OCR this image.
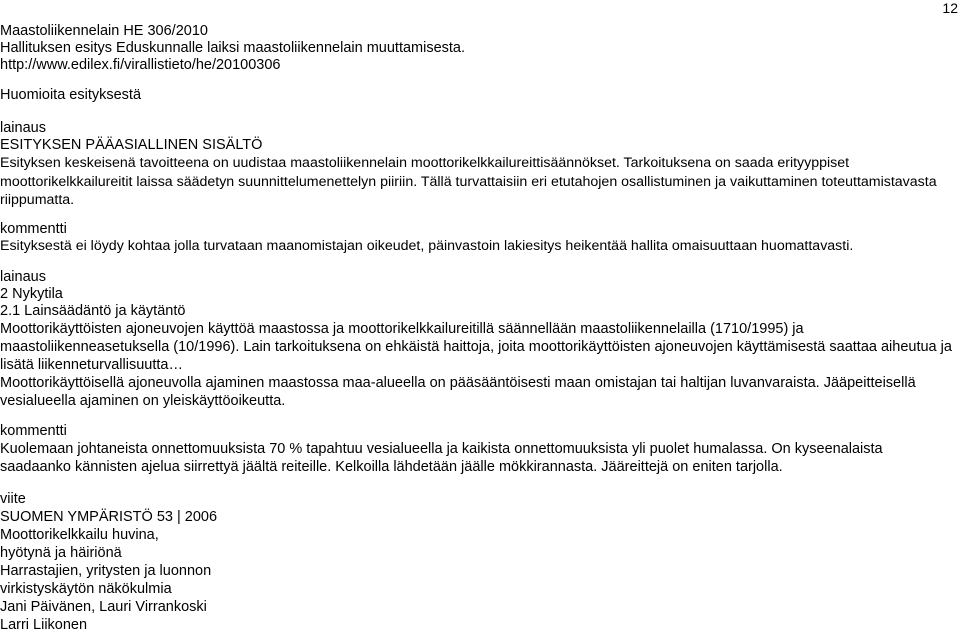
12
Maastoliikennelain HE 306/2010
Hallituksen esitys Eduskunnalle laiksi maastoliikennelain muuttamisesta.
http://www.edilex.fi/virallistieto/he/20100306
Huomioita esityksestä
lainaus
ESITYKSEN PÄÄASIALLINEN SISÄLTÖ
Esityksen keskeisenä tavoitteena on uudistaa maastoliikennelain moottorikelkkailureittisäännökset. Tarkoituksena on saada erityyppiset moottorikelkkailureitit laissa säädetyn suunnittelumenettelyn piiriin. Tällä turvattaisiin eri etutahojen osallistuminen ja vaikuttaminen toteuttamistavasta riippumatta.
kommentti
Esityksestä ei löydy kohtaa jolla turvataan maanomistajan oikeudet, päinvastoin lakiesitys heikentää hallita omaisuuttaan huomattavasti.
lainaus
2 Nykytila
2.1 Lainsäädäntö ja käytäntö
Moottorikäyttöisten ajoneuvojen käyttöä maastossa ja moottorikelkkailureitillä säännellään maastoliikennelailla (1710/1995) ja maastoliikenneasetuksella (10/1996). Lain tarkoituksena on ehkäistä haittoja, joita moottorikäyttöisten ajoneuvojen käyttämisestä saattaa aiheutua ja lisätä liikenneturvallisuutta…
Moottorikäyttöisellä ajoneuvolla ajaminen maastossa maa-alueella on pääsääntöisesti maan omistajan tai haltijan luvanvaraista. Jääpeitteisellä vesialueella ajaminen on yleiskäyttöoikeutta.
kommentti
Kuolemaan johtaneista onnettomuuksista 70 % tapahtuu vesialueella ja kaikista onnettomuuksista yli puolet humalassa. On kyseenalaista saadaanko kännisten ajelua siirrettyä jäältä reiteille. Kelkoilla lähdetään jäälle mökkirannasta. Jääreittejä on eniten tarjolla.
viite
SUOMEN YMPÄRISTÖ 53 | 2006
Moottorikelkkailu huvina,
hyötynä ja häiriönä
Harrastajien, yritysten ja luonnon
virkistyskäytön näkökulmia
Jani Päivänen, Lauri Virrankoski
Larri Liikonen
